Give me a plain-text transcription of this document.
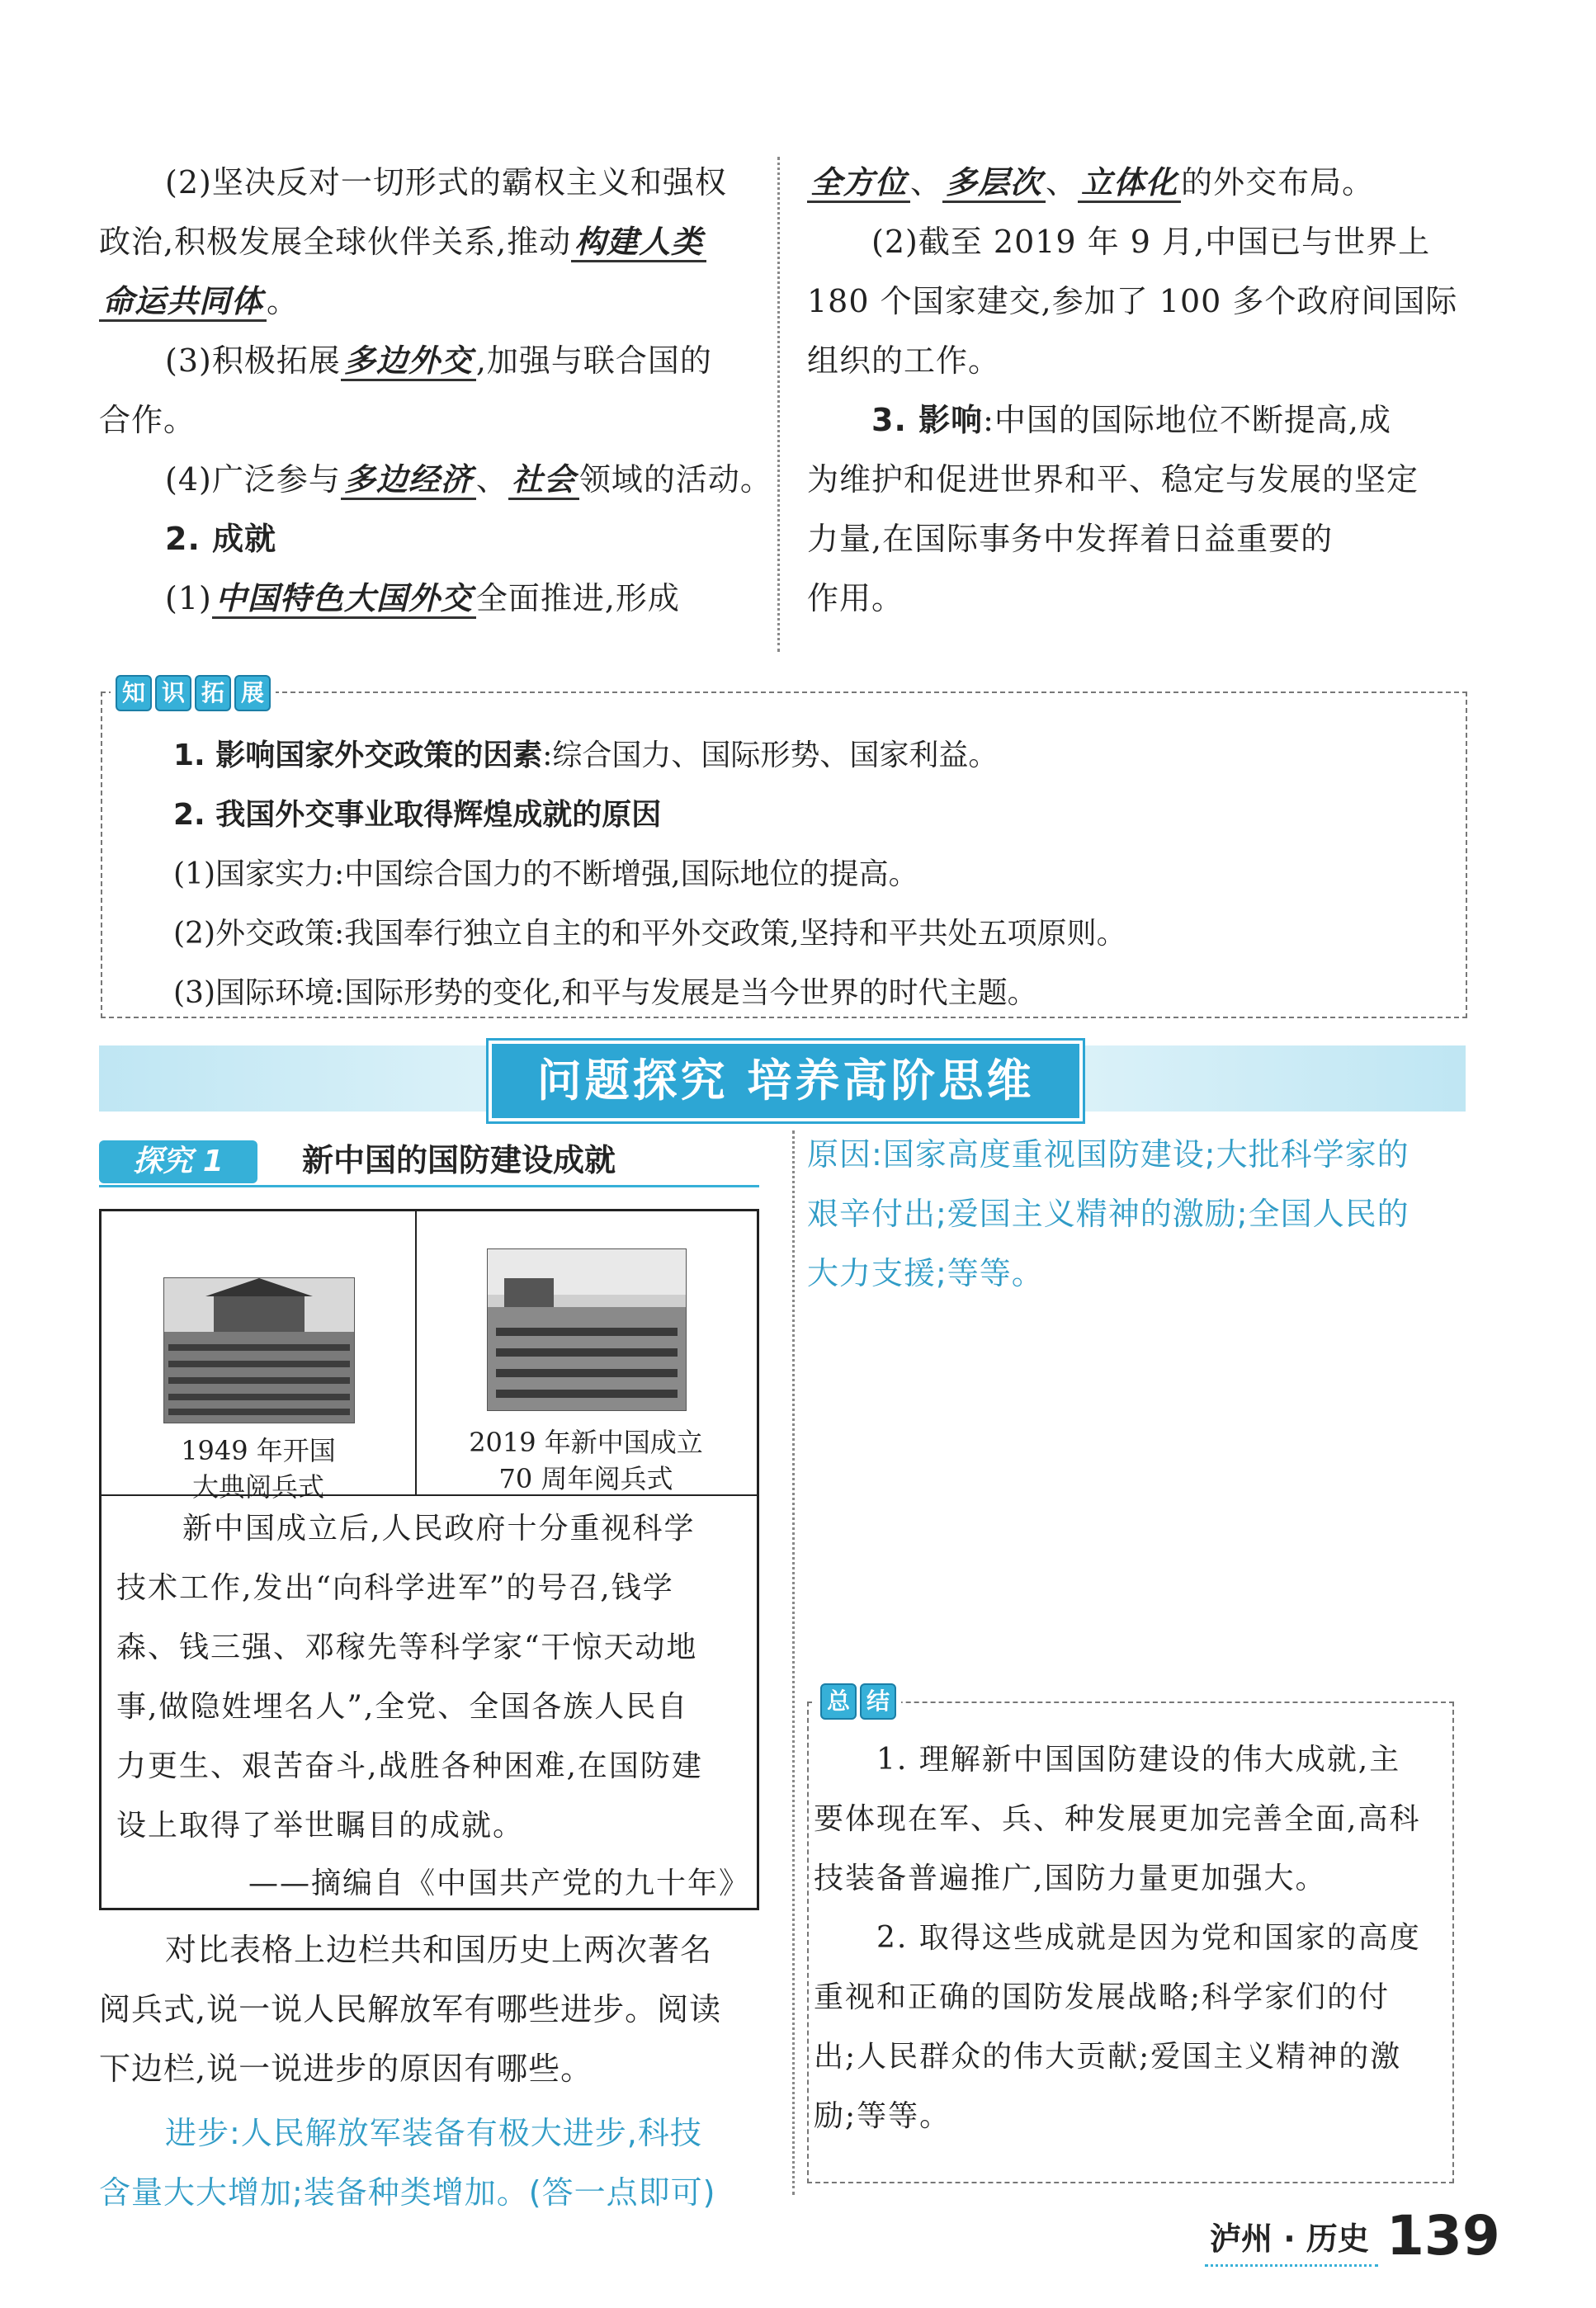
(2)坚决反对一切形式的霸权主义和强权
政治,积极发展全球伙伴关系,推动 构建人类
命运共同体 。
(3)积极拓展 多边外交 ,加强与联合国的
合作。
(4)广泛参与 多边经济 、 社会 领域的活动。
2. 成就
(1) 中国特色大国外交 全面推进,形成
全方位 、 多层次 、 立体化 的外交布局。
(2)截至 2019 年 9 月,中国已与世界上
180 个国家建交,参加了 100 多个政府间国际
组织的工作。
3. 影响:中国的国际地位不断提高,成
为维护和促进世界和平、稳定与发展的坚定
力量,在国际事务中发挥着日益重要的
作用。
知 识 拓 展
1. 影响国家外交政策的因素:综合国力、国际形势、国家利益。
2. 我国外交事业取得辉煌成就的原因
(1)国家实力:中国综合国力的不断增强,国际地位的提高。
(2)外交政策:我国奉行独立自主的和平外交政策,坚持和平共处五项原则。
(3)国际环境:国际形势的变化,和平与发展是当今世界的时代主题。
问题探究 培养高阶思维
探究 1	新中国的国防建设成就
1949 年开国
大典阅兵式
2019 年新中国成立
70 周年阅兵式
新中国成立后,人民政府十分重视科学
技术工作,发出“向科学进军”的号召,钱学
森、钱三强、邓稼先等科学家“干惊天动地
事,做隐姓埋名人”,全党、全国各族人民自
力更生、艰苦奋斗,战胜各种困难,在国防建
设上取得了举世瞩目的成就。
——摘编自《中国共产党的九十年》
对比表格上边栏共和国历史上两次著名
阅兵式,说一说人民解放军有哪些进步。阅读
下边栏,说一说进步的原因有哪些。
进步:人民解放军装备有极大进步,科技
含量大大增加;装备种类增加。(答一点即可)
原因:国家高度重视国防建设;大批科学家的
艰辛付出;爱国主义精神的激励;全国人民的
大力支援;等等。
总 结
1. 理解新中国国防建设的伟大成就,主
要体现在军、兵、种发展更加完善全面,高科
技装备普遍推广,国防力量更加强大。
2. 取得这些成就是因为党和国家的高度
重视和正确的国防发展战略;科学家们的付
出;人民群众的伟大贡献;爱国主义精神的激
励;等等。
泸州 · 历史 139
